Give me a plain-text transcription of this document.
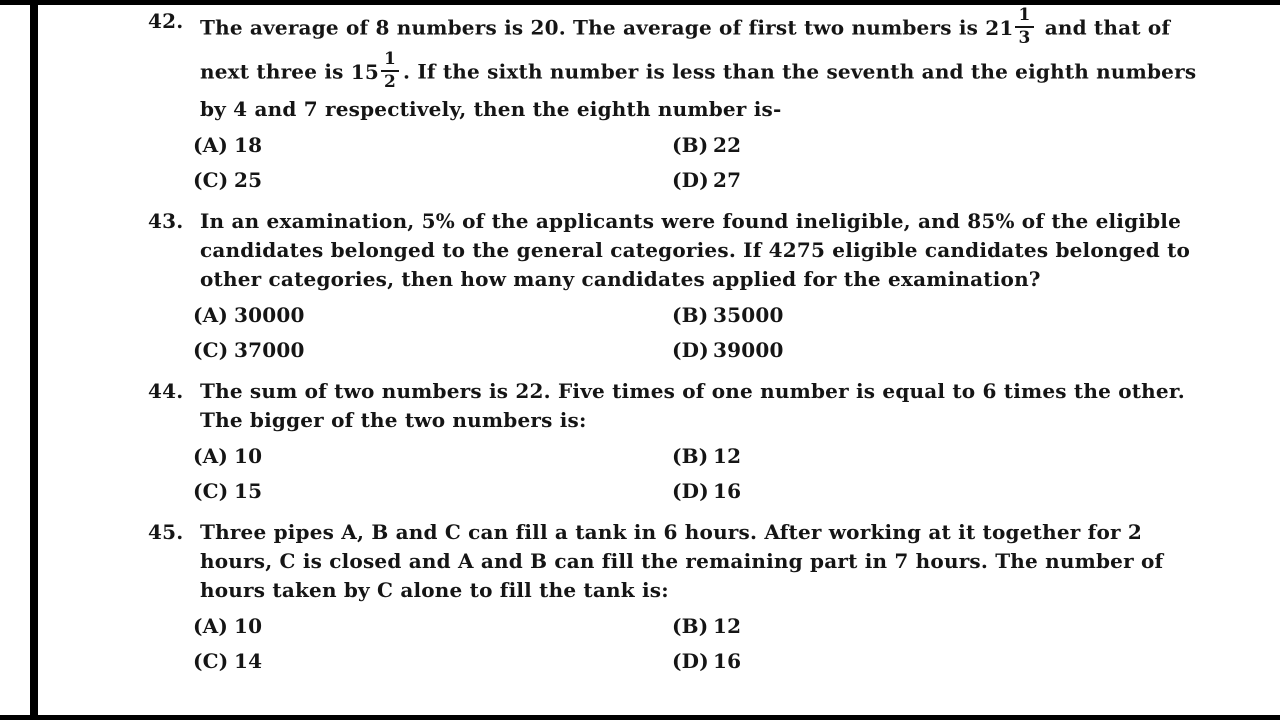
42. The average of 8 numbers is 20. The average of first two numbers is $21 \frac{1}{3}$ and that of next three is $15 \frac{1}{2}$ . If the sixth number is less than the seventh and the eighth numbers by 4 and 7 respectively, then the eighth number is-
(A) 18	(B) 22
(C) 25	(D) 27
43. In an examination, 5% of the applicants were found ineligible, and 85% of the eligible candidates belonged to the general categories. If 4275 eligible candidates belonged to other categories, then how many candidates applied for the examination?
(A) 30000	(B) 35000
(C) 37000	(D) 39000
44. The sum of two numbers is 22. Five times of one number is equal to 6 times the other. The bigger of the two numbers is:
(A) 10	(B) 12
(C) 15	(D) 16
45. Three pipes A, B and C can fill a tank in 6 hours. After working at it together for 2 hours, C is closed and A and B can fill the remaining part in 7 hours. The number of hours taken by C alone to fill the tank is:
(A) 10	(B) 12
(C) 14	(D) 16
